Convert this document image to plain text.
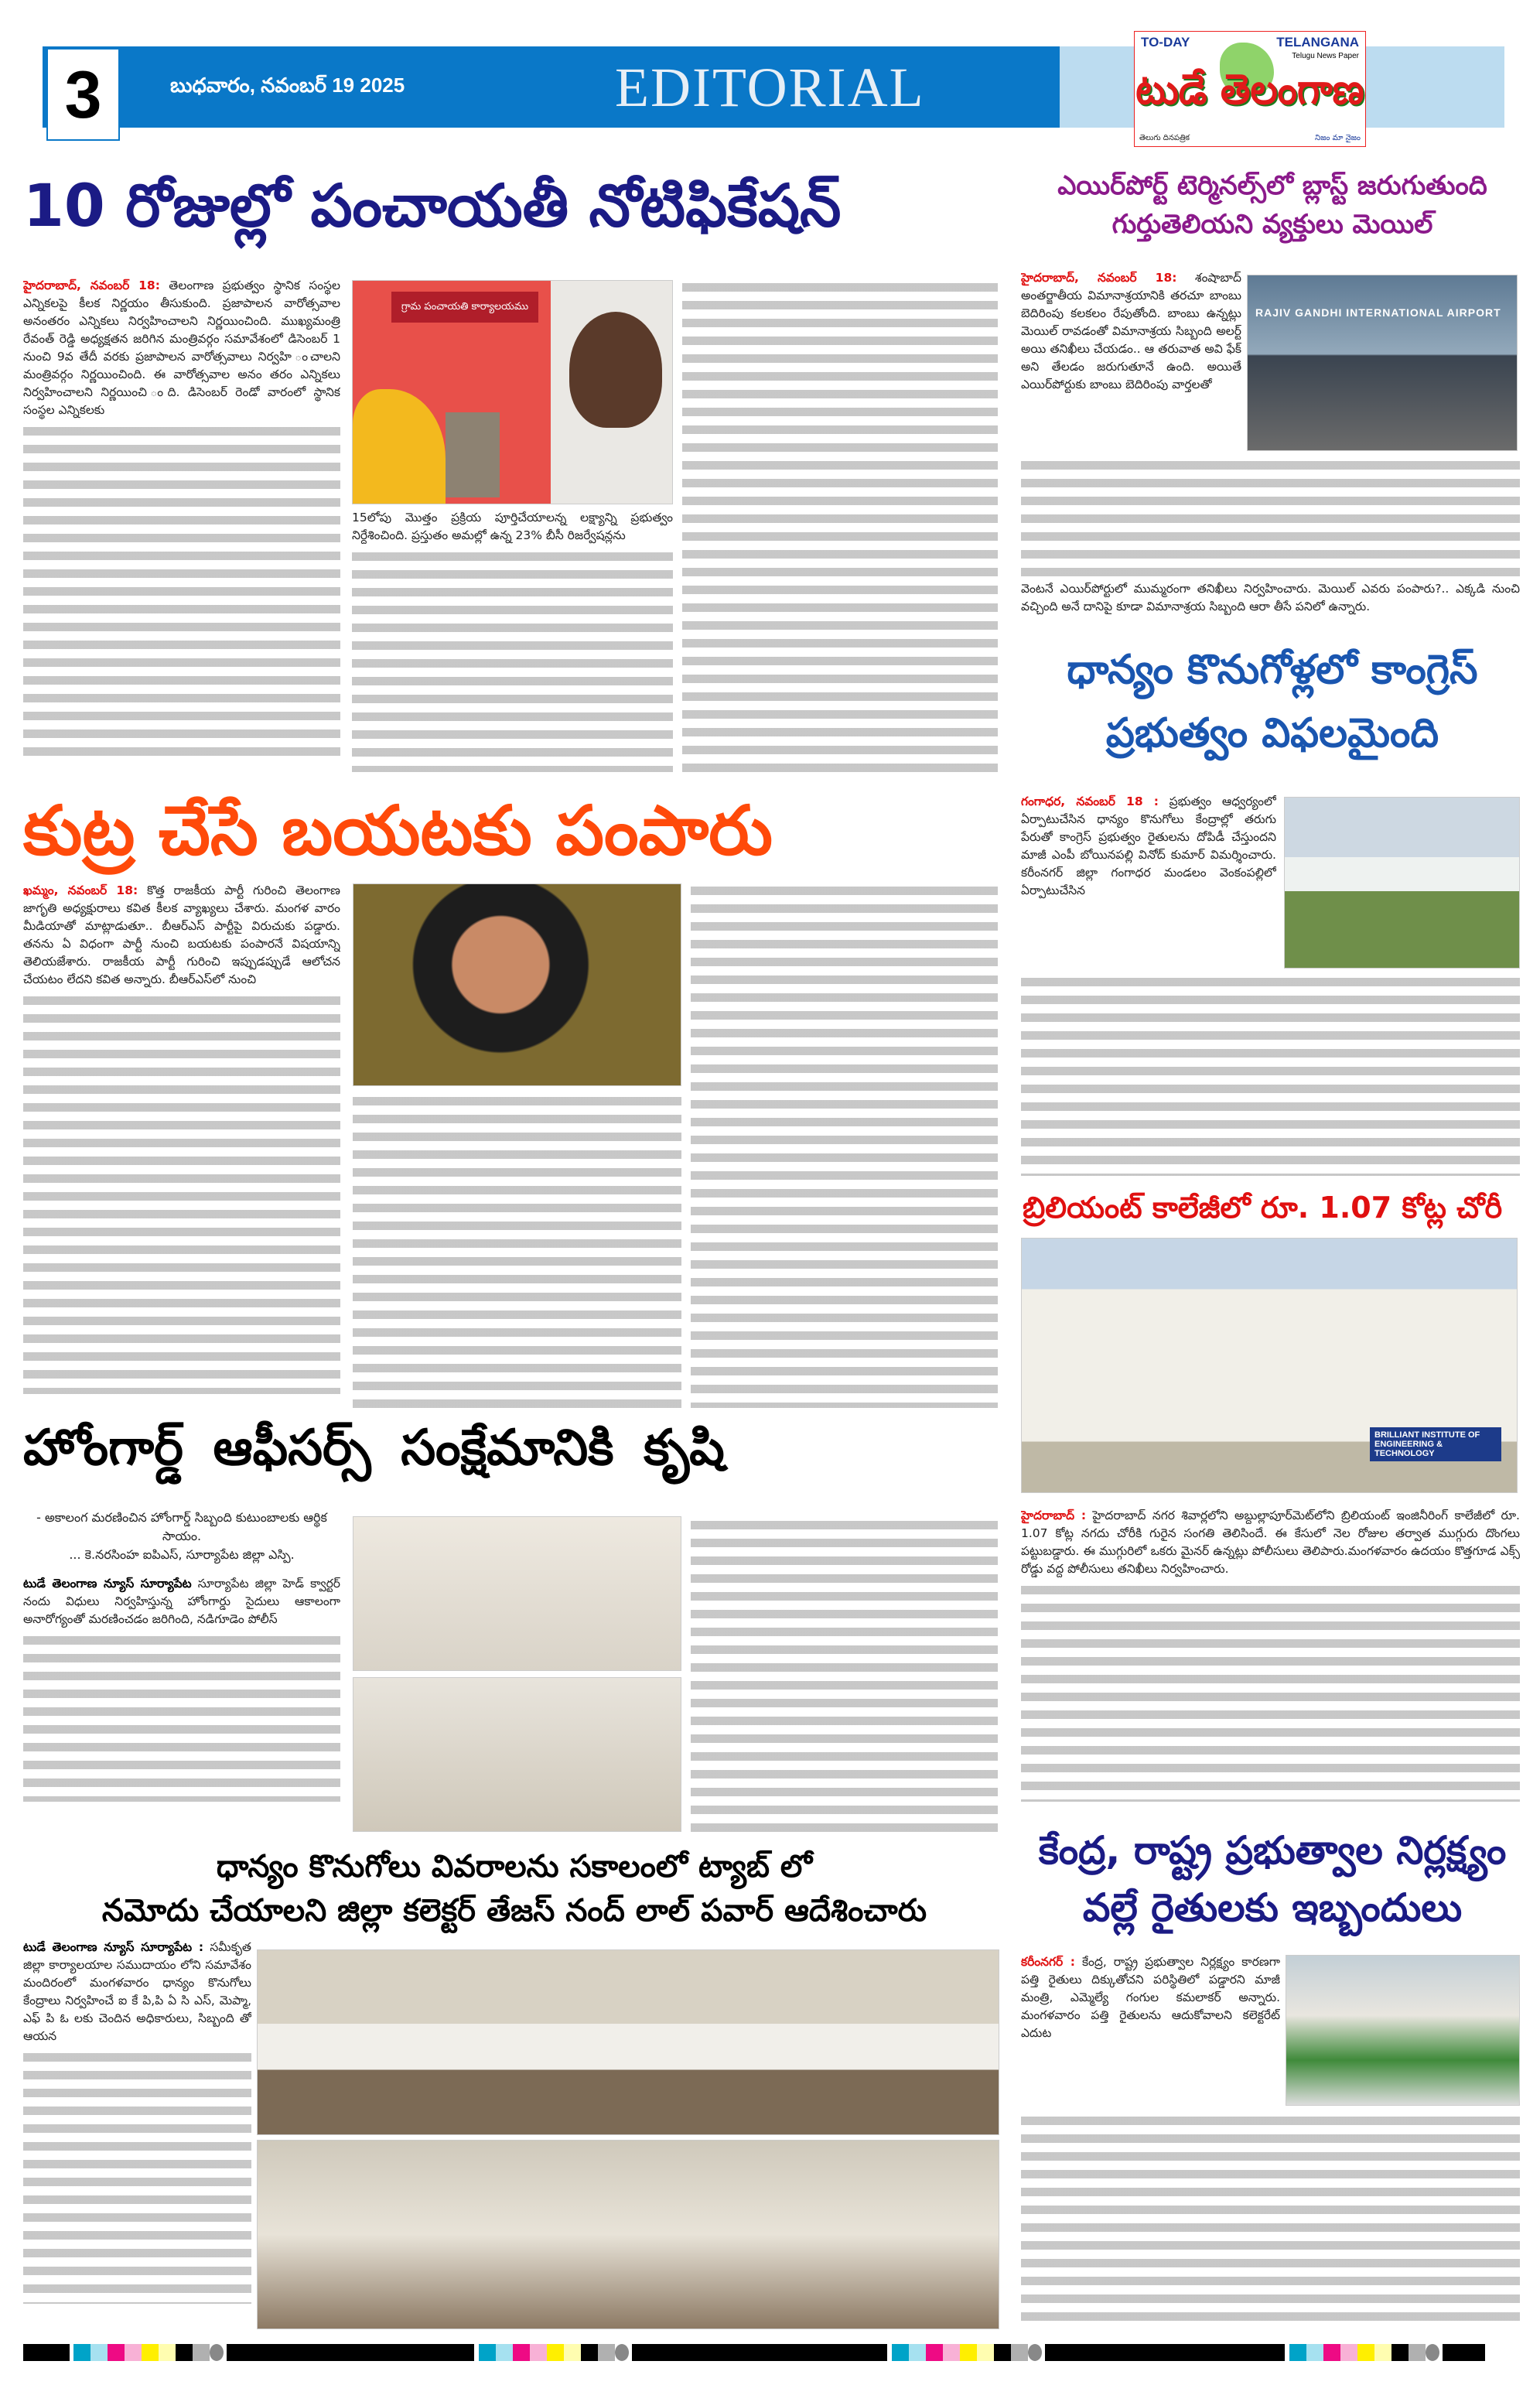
3	బుధవారం, నవంబర్ 19 2025	EDITORIAL
TO-DAY	TELANGANA
Telugu News Paper
టుడే తెలంగాణ
తెలుగు దినపత్రిక	నిజం మా నైజం
10 రోజుల్లో పంచాయతీ నోటిఫికేషన్
హైదరాబాద్, నవంబర్ 18: తెలంగాణ ప్రభుత్వం స్థానిక సంస్థల ఎన్నికలపై కీలక నిర్ణయం తీసుకుంది. ప్రజాపాలన వారోత్సవాల అనంతరం ఎన్నికలు నిర్వహించాలని నిర్ణయించింది. ముఖ్యమంత్రి రేవంత్ రెడ్డి అధ్యక్షతన జరిగిన మంత్రివర్గం సమావేశంలో డిసెంబర్ 1 నుంచి 9వ తేదీ వరకు ప్రజాపాలన వారోత్సవాలు నిర్వహి ంచాలని మంత్రివర్గం నిర్ణయించింది. ఈ వారోత్సవాల అనం తరం ఎన్నికలు నిర్వహించాలని నిర్ణయించి ంది. డిసెంబర్ రెండో వారంలో స్థానిక సంస్థల ఎన్నికలకు
గ్రామ పంచాయతి కార్యాలయము
15లోపు మొత్తం ప్రక్రియ పూర్తిచేయాలన్న లక్ష్యాన్ని ప్రభుత్వం నిర్దేశించింది. ప్రస్తుతం అమల్లో ఉన్న 23% బీసీ రిజర్వేషన్లను
ఎయిర్‌పోర్ట్ టెర్మినల్స్‌లో బ్లాస్ట్ జరుగుతుంది గుర్తుతెలియని వ్యక్తులు మెయిల్
హైదరాబాద్, నవంబర్ 18: శంషాబాద్ అంతర్జాతీయ విమానాశ్రయానికి తరచూ బాంబు బెదిరింపు కలకలం రేపుతోంది. బాంబు ఉన్నట్లు మెయిల్ రావడంతో విమానాశ్రయ సిబ్బంది అలర్ట్ అయి తనిఖీలు చేయడం.. ఆ తరువాత అవి ఫేక్ అని తేలడం జరుగుతూనే ఉంది. అయితే ఎయిర్‌పోర్టుకు బాంబు బెదిరింపు వార్తలతో
RAJIV GANDHI INTERNATIONAL AIRPORT
వెంటనే ఎయిర్‌పోర్టులో ముమ్మరంగా తనిఖీలు నిర్వహించారు. మెయిల్ ఎవరు పంపారు?.. ఎక్కడి నుంచి వచ్చింది అనే దానిపై కూడా విమానాశ్రయ సిబ్బంది ఆరా తీసే పనిలో ఉన్నారు.
ధాన్యం కొనుగోళ్లలో కాంగ్రెస్ ప్రభుత్వం విఫలమైంది
గంగాధర, నవంబర్ 18 : ప్రభుత్వం ఆధ్వర్యంలో ఏర్పాటుచేసిన ధాన్యం కొనుగోలు కేంద్రాల్లో తరుగు పేరుతో కాంగ్రెస్ ప్రభుత్వం రైతులను దోపిడీ చేస్తుందని మాజీ ఎంపీ బోయినపల్లి వినోద్ కుమార్ విమర్శించారు. కరీంనగర్ జిల్లా గంగాధర మండలం వెంకంపల్లిలో ఏర్పాటుచేసిన
కుట్ర చేసే బయటకు పంపారు
ఖమ్మం, నవంబర్ 18: కొత్త రాజకీయ పార్టీ గురించి తెలంగాణ జాగృతి అధ్యక్షురాలు కవిత కీలక వ్యాఖ్యలు చేశారు. మంగళ వారం మీడియాతో మాట్లాడుతూ.. బీఆర్ఎస్ పార్టీపై విరుచుకు పడ్డారు. తనను ఏ విధంగా పార్టీ నుంచి బయటకు పంపారనే విషయాన్ని తెలియజేశారు. రాజకీయ పార్టీ గురించి ఇప్పుడప్పుడే ఆలోచన చేయటం లేదని కవిత అన్నారు. బీఆర్ఎస్‌లో నుంచి
బ్రిలియంట్ కాలేజీలో రూ. 1.07 కోట్ల చోరీ
BRILLIANT INSTITUTE OF ENGINEERING & TECHNOLOGY
హైదరాబాద్ : హైదరాబాద్ నగర శివార్లలోని అబ్దుల్లాపూర్‌మెట్‌లోని బ్రిలియంట్ ఇంజినీరింగ్ కాలేజీలో రూ. 1.07 కోట్ల నగదు చోరీకి గురైన సంగతి తెలిసిందే. ఈ కేసులో నెల రోజుల తర్వాత ముగ్గురు దొంగలు పట్టుబడ్డారు. ఈ ముగ్గురిలో ఒకరు మైనర్ ఉన్నట్లు పోలీసులు తెలిపారు.మంగళవారం ఉదయం కొత్తగూడ ఎక్స్ రోడ్డు వద్ద పోలీసులు తనిఖీలు నిర్వహించారు.
హోంగార్డ్ ఆఫీసర్స్ సంక్షేమానికి కృషి
- అకాలంగ మరణించిన హోంగార్డ్ సిబ్బంది కుటుంబాలకు ఆర్థిక సాయం.
... కె.నరసింహ ఐపిఎస్, సూర్యాపేట జిల్లా ఎస్పి.
టుడే తెలంగాణ న్యూస్ సూర్యాపేట సూర్యాపేట జిల్లా హెడ్ క్వార్టర్ నందు విధులు నిర్వహిస్తున్న హోంగార్డు సైదులు ఆకాలంగా అనారోగ్యంతో మరణించడం జరిగింది, నడిగూడెం పోలీస్
ధాన్యం కొనుగోలు వివరాలను సకాలంలో ట్యాబ్ లో
నమోదు చేయాలని జిల్లా కలెక్టర్ తేజస్ నంద్ లాల్ పవార్ ఆదేశించారు
టుడే తెలంగాణ న్యూస్ సూర్యాపేట : సమీకృత జిల్లా కార్యాలయాల సముదాయం లోని సమావేశం మందిరంలో మంగళవారం ధాన్యం కొనుగోలు కేంద్రాలు నిర్వహించే ఐ కే పి,పి ఏ సి ఎస్, మెప్మా, ఎఫ్ పి ఓ లకు చెందిన అధికారులు, సిబ్బంది తో ఆయన
కేంద్ర, రాష్ట్ర ప్రభుత్వాల నిర్లక్ష్యం వల్లే రైతులకు ఇబ్బందులు
కరీంనగర్ : కేంద్ర, రాష్ట్ర ప్రభుత్వాల నిర్లక్ష్యం కారణగా పత్తి రైతులు దిక్కుతోచని పరిస్థితిలో పడ్డారని మాజీ మంత్రి, ఎమ్మెల్యే గంగుల కమలాకర్ అన్నారు. మంగళవారం పత్తి రైతులను ఆదుకోవాలని కలెక్టరేట్ ఎదుట
